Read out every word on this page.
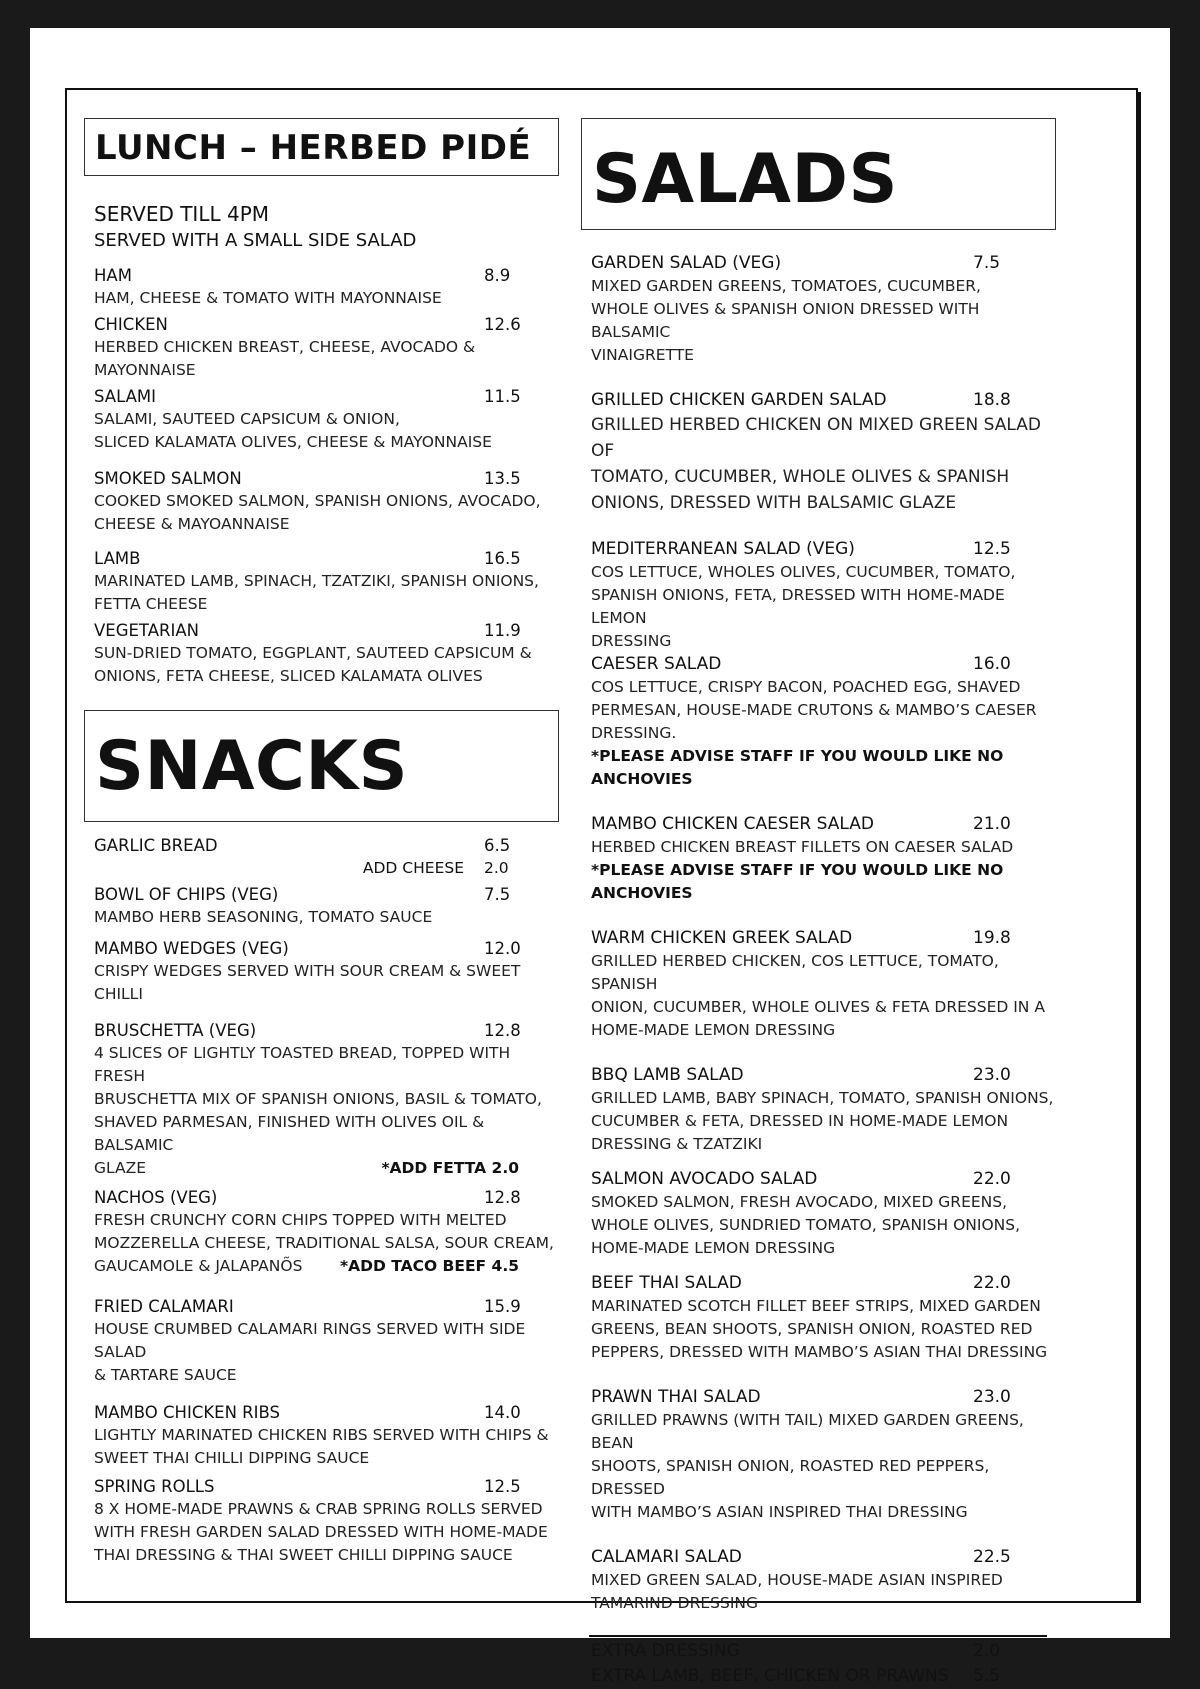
LUNCH – HERBED PIDÉ
SERVED TILL 4PM
SERVED WITH A SMALL SIDE SALAD
HAM	8.9
HAM, CHEESE & TOMATO WITH MAYONNAISE
CHICKEN	12.6
HERBED CHICKEN BREAST, CHEESE, AVOCADO &
MAYONNAISE
SALAMI	11.5
SALAMI, SAUTEED CAPSICUM & ONION,
SLICED KALAMATA OLIVES, CHEESE & MAYONNAISE
SMOKED SALMON	13.5
COOKED SMOKED SALMON, SPANISH ONIONS, AVOCADO,
CHEESE & MAYOANNAISE
LAMB	16.5
MARINATED LAMB, SPINACH, TZATZIKI, SPANISH ONIONS,
FETTA CHEESE
VEGETARIAN	11.9
SUN-DRIED TOMATO, EGGPLANT, SAUTEED CAPSICUM &
ONIONS, FETA CHEESE, SLICED KALAMATA OLIVES
SNACKS
GARLIC BREAD	6.5
ADD CHEESE 2.0
BOWL OF CHIPS (VEG)	7.5
MAMBO HERB SEASONING, TOMATO SAUCE
MAMBO WEDGES (VEG)	12.0
CRISPY WEDGES SERVED WITH SOUR CREAM & SWEET CHILLI
BRUSCHETTA (VEG)	12.8
4 SLICES OF LIGHTLY TOASTED BREAD, TOPPED WITH FRESH
BRUSCHETTA MIX OF SPANISH ONIONS, BASIL & TOMATO,
SHAVED PARMESAN, FINISHED WITH OLIVES OIL & BALSAMIC
GLAZE	*ADD FETTA 2.0
NACHOS (VEG)	12.8
FRESH CRUNCHY CORN CHIPS TOPPED WITH MELTED
MOZZERELLA CHEESE, TRADITIONAL SALSA, SOUR CREAM,
GAUCAMOLE & JALAPANÕS	*ADD TACO BEEF 4.5
FRIED CALAMARI	15.9
HOUSE CRUMBED CALAMARI RINGS SERVED WITH SIDE SALAD
& TARTARE SAUCE
MAMBO CHICKEN RIBS	14.0
LIGHTLY MARINATED CHICKEN RIBS SERVED WITH CHIPS &
SWEET THAI CHILLI DIPPING SAUCE
SPRING ROLLS	12.5
8 X HOME-MADE PRAWNS & CRAB SPRING ROLLS SERVED
WITH FRESH GARDEN SALAD DRESSED WITH HOME-MADE
THAI DRESSING & THAI SWEET CHILLI DIPPING SAUCE
SALADS
GARDEN SALAD (VEG)	7.5
MIXED GARDEN GREENS, TOMATOES, CUCUMBER,
WHOLE OLIVES & SPANISH ONION DRESSED WITH BALSAMIC
VINAIGRETTE
GRILLED CHICKEN GARDEN SALAD	18.8
GRILLED HERBED CHICKEN ON MIXED GREEN SALAD OF
TOMATO, CUCUMBER, WHOLE OLIVES & SPANISH
ONIONS, DRESSED WITH BALSAMIC GLAZE
MEDITERRANEAN SALAD (VEG)	12.5
COS LETTUCE, WHOLES OLIVES, CUCUMBER, TOMATO,
SPANISH ONIONS, FETA, DRESSED WITH HOME-MADE LEMON
DRESSING
CAESER SALAD	16.0
COS LETTUCE, CRISPY BACON, POACHED EGG, SHAVED
PERMESAN, HOUSE-MADE CRUTONS & MAMBO’S CAESER
DRESSING.
*PLEASE ADVISE STAFF IF YOU WOULD LIKE NO ANCHOVIES
MAMBO CHICKEN CAESER SALAD	21.0
HERBED CHICKEN BREAST FILLETS ON CAESER SALAD
*PLEASE ADVISE STAFF IF YOU WOULD LIKE NO ANCHOVIES
WARM CHICKEN GREEK SALAD	19.8
GRILLED HERBED CHICKEN, COS LETTUCE, TOMATO, SPANISH
ONION, CUCUMBER, WHOLE OLIVES & FETA DRESSED IN A
HOME-MADE LEMON DRESSING
BBQ LAMB SALAD	23.0
GRILLED LAMB, BABY SPINACH, TOMATO, SPANISH ONIONS,
CUCUMBER & FETA, DRESSED IN HOME-MADE LEMON
DRESSING & TZATZIKI
SALMON AVOCADO SALAD	22.0
SMOKED SALMON, FRESH AVOCADO, MIXED GREENS,
WHOLE OLIVES, SUNDRIED TOMATO, SPANISH ONIONS,
HOME-MADE LEMON DRESSING
BEEF THAI SALAD	22.0
MARINATED SCOTCH FILLET BEEF STRIPS, MIXED GARDEN
GREENS, BEAN SHOOTS, SPANISH ONION, ROASTED RED
PEPPERS, DRESSED WITH MAMBO’S ASIAN THAI DRESSING
PRAWN THAI SALAD	23.0
GRILLED PRAWNS (WITH TAIL) MIXED GARDEN GREENS, BEAN
SHOOTS, SPANISH ONION, ROASTED RED PEPPERS, DRESSED
WITH MAMBO’S ASIAN INSPIRED THAI DRESSING
CALAMARI SALAD	22.5
MIXED GREEN SALAD, HOUSE-MADE ASIAN INSPIRED
TAMARIND DRESSING
EXTRA DRESSING	2.0
EXTRA LAMB, BEEF, CHICKEN OR PRAWNS 5.5
